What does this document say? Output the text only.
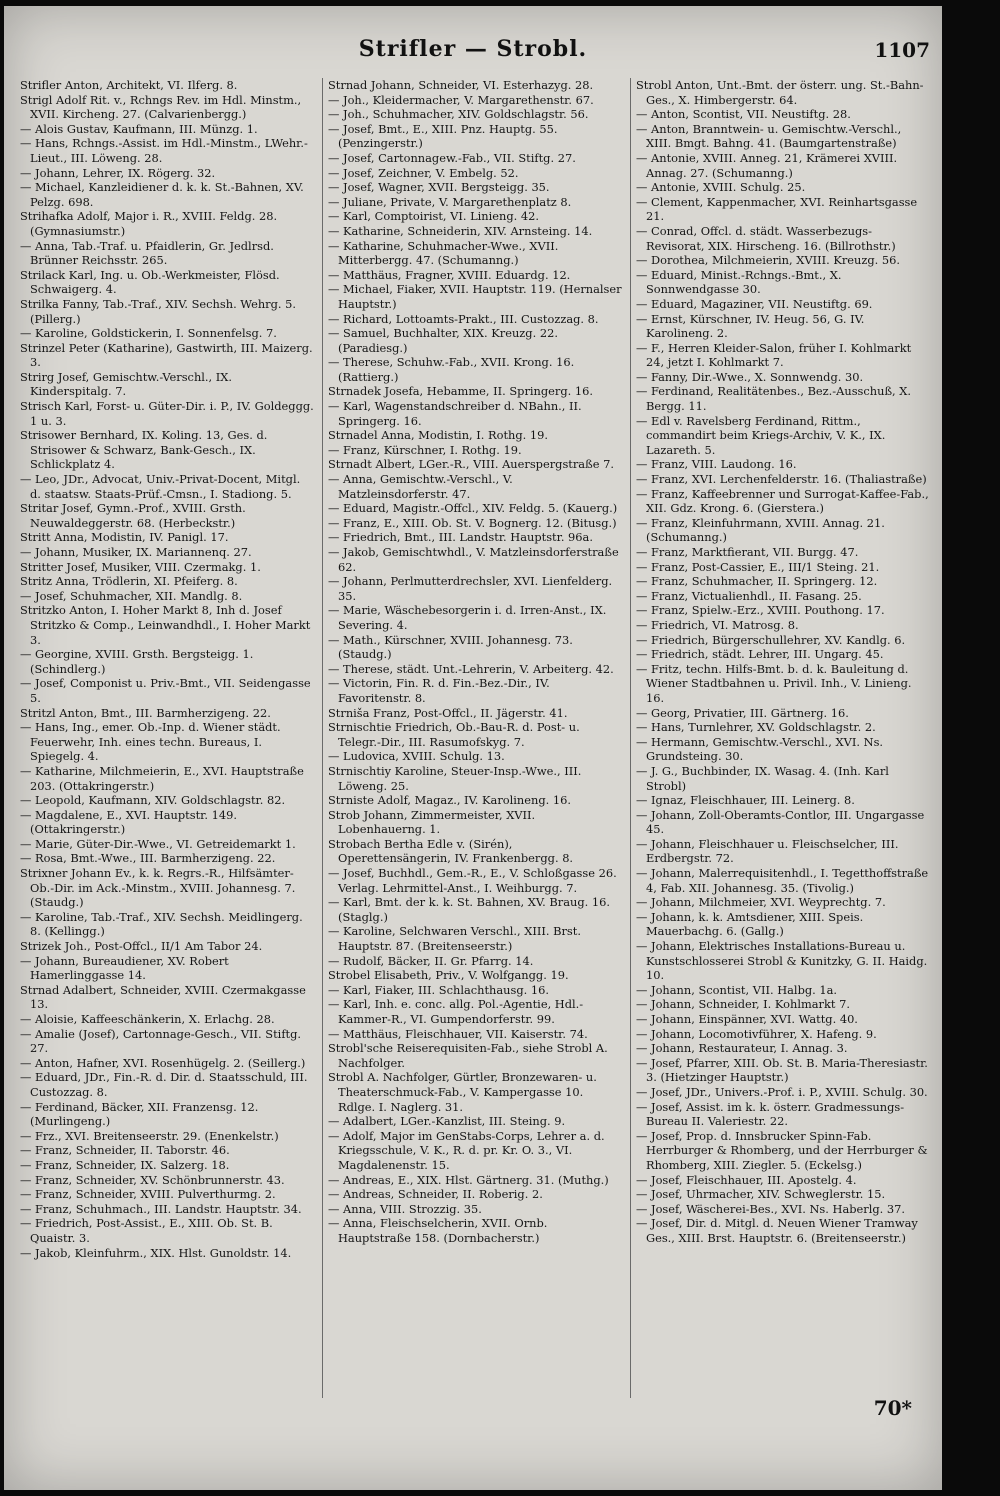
Strifler — Strobl.	1107

Strifler Anton, Architekt, VI. Ilferg. 8.

Strigl Adolf Rit. v., Rchngs Rev. im Hdl. Minstm., XVII. Kircheng. 27. (Calvarienbergg.)

— Alois Gustav, Kaufmann, III. Münzg. 1.

— Hans, Rchngs.-Assist. im Hdl.-Minstm., LWehr.-Lieut., III. Löweng. 28.

— Johann, Lehrer, IX. Rögerg. 32.

— Michael, Kanzleidiener d. k. k. St.-Bahnen, XV. Pelzg. 698.

Strihafka Adolf, Major i. R., XVIII. Feldg. 28. (Gymnasiumstr.)

— Anna, Tab.-Traf. u. Pfaidlerin, Gr. Jedlrsd. Brünner Reichsstr. 265.

Strilack Karl, Ing. u. Ob.-Werkmeister, Flösd. Schwaigerg. 4.

Strilka Fanny, Tab.-Traf., XIV. Sechsh. Wehrg. 5. (Pillerg.)

— Karoline, Goldstickerin, I. Sonnenfelsg. 7.

Strinzel Peter (Katharine), Gastwirth, III. Maizerg. 3.

Strirg Josef, Gemischtw.-Verschl., IX. Kinderspitalg. 7.

Strisch Karl, Forst- u. Güter-Dir. i. P., IV. Goldeggg. 1 u. 3.

Strisower Bernhard, IX. Koling. 13, Ges. d. Strisower & Schwarz, Bank-Gesch., IX. Schlickplatz 4.

— Leo, JDr., Advocat, Univ.-Privat-Docent, Mitgl. d. staatsw. Staats-Prüf.-Cmsn., I. Stadiong. 5.

Stritar Josef, Gymn.-Prof., XVIII. Grsth. Neuwaldeggerstr. 68. (Herbeckstr.)

Stritt Anna, Modistin, IV. Panigl. 17.

— Johann, Musiker, IX. Mariannenq. 27.

Stritter Josef, Musiker, VIII. Czermakg. 1.

Stritz Anna, Trödlerin, XI. Pfeiferg. 8.

— Josef, Schuhmacher, XII. Mandlg. 8.

Stritzko Anton, I. Hoher Markt 8, Inh d. Josef Stritzko & Comp., Leinwandhdl., I. Hoher Markt 3.

— Georgine, XVIII. Grsth. Bergsteigg. 1. (Schindlerg.)

— Josef, Componist u. Priv.-Bmt., VII. Seidengasse 5.

Stritzl Anton, Bmt., III. Barmherzigeng. 22.

— Hans, Ing., emer. Ob.-Inp. d. Wiener städt. Feuerwehr, Inh. eines techn. Bureaus, I. Spiegelg. 4.

— Katharine, Milchmeierin, E., XVI. Hauptstraße 203. (Ottakringerstr.)

— Leopold, Kaufmann, XIV. Goldschlagstr. 82.

— Magdalene, E., XVI. Hauptstr. 149. (Ottakringerstr.)

— Marie, Güter-Dir.-Wwe., VI. Getreidemarkt 1.

— Rosa, Bmt.-Wwe., III. Barmherzigeng. 22.

Strixner Johann Ev., k. k. Regrs.-R., Hilfsämter-Ob.-Dir. im Ack.-Minstm., XVIII. Johannesg. 7. (Staudg.)

— Karoline, Tab.-Traf., XIV. Sechsh. Meidlingerg. 8. (Kellingg.)

Strizek Joh., Post-Offcl., II/1 Am Tabor 24.

— Johann, Bureaudiener, XV. Robert Hamerlinggasse 14.

Strnad Adalbert, Schneider, XVIII. Czermakgasse 13.

— Aloisie, Kaffeeschänkerin, X. Erlachg. 28.

— Amalie (Josef), Cartonnage-Gesch., VII. Stiftg. 27.

— Anton, Hafner, XVI. Rosenhügelg. 2. (Seillerg.)

— Eduard, JDr., Fin.-R. d. Dir. d. Staatsschuld, III. Custozzag. 8.

— Ferdinand, Bäcker, XII. Franzensg. 12. (Murlingeng.)

— Frz., XVI. Breitenseerstr. 29. (Enenkelstr.)

— Franz, Schneider, II. Taborstr. 46.

— Franz, Schneider, IX. Salzerg. 18.

— Franz, Schneider, XV. Schönbrunnerstr. 43.

— Franz, Schneider, XVIII. Pulverthurmg. 2.

— Franz, Schuhmach., III. Landstr. Hauptstr. 34.

— Friedrich, Post-Assist., E., XIII. Ob. St. B. Quaistr. 3.

— Jakob, Kleinfuhrm., XIX. Hlst. Gunoldstr. 14.

Strnad Johann, Schneider, VI. Esterhazyg. 28.

— Joh., Kleidermacher, V. Margarethenstr. 67.

— Joh., Schuhmacher, XIV. Goldschlagstr. 56.

— Josef, Bmt., E., XIII. Pnz. Hauptg. 55. (Penzingerstr.)

— Josef, Cartonnagew.-Fab., VII. Stiftg. 27.

— Josef, Zeichner, V. Embelg. 52.

— Josef, Wagner, XVII. Bergsteigg. 35.

— Juliane, Private, V. Margarethenplatz 8.

— Karl, Comptoirist, VI. Linieng. 42.

— Katharine, Schneiderin, XIV. Arnsteing. 14.

— Katharine, Schuhmacher-Wwe., XVII. Mitterbergg. 47. (Schumanng.)

— Matthäus, Fragner, XVIII. Eduardg. 12.

— Michael, Fiaker, XVII. Hauptstr. 119. (Hernalser Hauptstr.)

— Richard, Lottoamts-Prakt., III. Custozzag. 8.

— Samuel, Buchhalter, XIX. Kreuzg. 22. (Paradiesg.)

— Therese, Schuhw.-Fab., XVII. Krong. 16. (Rattierg.)

Strnadek Josefa, Hebamme, II. Springerg. 16.

— Karl, Wagenstandschreiber d. NBahn., II. Springerg. 16.

Strnadel Anna, Modistin, I. Rothg. 19.

— Franz, Kürschner, I. Rothg. 19.

Strnadt Albert, LGer.-R., VIII. Auerspergstraße 7.

— Anna, Gemischtw.-Verschl., V. Matzleinsdorferstr. 47.

— Eduard, Magistr.-Offcl., XIV. Feldg. 5. (Kauerg.)

— Franz, E., XIII. Ob. St. V. Bognerg. 12. (Bitusg.)

— Friedrich, Bmt., III. Landstr. Hauptstr. 96a.

— Jakob, Gemischtwhdl., V. Matzleinsdorferstraße 62.

— Johann, Perlmutterdrechsler, XVI. Lienfelderg. 35.

— Marie, Wäschebesorgerin i. d. Irren-Anst., IX. Severing. 4.

— Math., Kürschner, XVIII. Johannesg. 73. (Staudg.)

— Therese, städt. Unt.-Lehrerin, V. Arbeiterg. 42.

— Victorin, Fin. R. d. Fin.-Bez.-Dir., IV. Favoritenstr. 8.

Strniša Franz, Post-Offcl., II. Jägerstr. 41.

Strnischtie Friedrich, Ob.-Bau-R. d. Post- u. Telegr.-Dir., III. Rasumofskyg. 7.

— Ludovica, XVIII. Schulg. 13.

Strnischtiy Karoline, Steuer-Insp.-Wwe., III. Löweng. 25.

Strniste Adolf, Magaz., IV. Karolineng. 16.

Strob Johann, Zimmermeister, XVII. Lobenhauerng. 1.

Strobach Bertha Edle v. (Sirén), Operettensängerin, IV. Frankenbergg. 8.

— Josef, Buchhdl., Gem.-R., E., V. Schloßgasse 26. Verlag. Lehrmittel-Anst., I. Weihburgg. 7.

— Karl, Bmt. der k. k. St. Bahnen, XV. Braug. 16. (Staglg.)

— Karoline, Selchwaren Verschl., XIII. Brst. Hauptstr. 87. (Breitenseerstr.)

— Rudolf, Bäcker, II. Gr. Pfarrg. 14.

Strobel Elisabeth, Priv., V. Wolfgangg. 19.

— Karl, Fiaker, III. Schlachthausg. 16.

— Karl, Inh. e. conc. allg. Pol.-Agentie, Hdl.-Kammer-R., VI. Gumpendorferstr. 99.

— Matthäus, Fleischhauer, VII. Kaiserstr. 74.

Strobl'sche Reiserequisiten-Fab., siehe Strobl A. Nachfolger.

Strobl A. Nachfolger, Gürtler, Bronzewaren- u. Theaterschmuck-Fab., V. Kampergasse 10. Rdlge. I. Naglerg. 31.

— Adalbert, LGer.-Kanzlist, III. Steing. 9.

— Adolf, Major im GenStabs-Corps, Lehrer a. d. Kriegsschule, V. K., R. d. pr. Kr. O. 3., VI. Magdalenenstr. 15.

— Andreas, E., XIX. Hlst. Gärtnerg. 31. (Muthg.)

— Andreas, Schneider, II. Roberig. 2.

— Anna, VIII. Strozzig. 35.

— Anna, Fleischselcherin, XVII. Ornb. Hauptstraße 158. (Dornbacherstr.)

Strobl Anton, Unt.-Bmt. der österr. ung. St.-Bahn-Ges., X. Himbergerstr. 64.

— Anton, Scontist, VII. Neustiftg. 28.

— Anton, Branntwein- u. Gemischtw.-Verschl., XIII. Bmgt. Bahng. 41. (Baumgartenstraße)

— Antonie, XVIII. Anneg. 21, Krämerei XVIII. Annag. 27. (Schumanng.)

— Antonie, XVIII. Schulg. 25.

— Clement, Kappenmacher, XVI. Reinhartsgasse 21.

— Conrad, Offcl. d. städt. Wasserbezugs-Revisorat, XIX. Hirscheng. 16. (Billrothstr.)

— Dorothea, Milchmeierin, XVIII. Kreuzg. 56.

— Eduard, Minist.-Rchngs.-Bmt., X. Sonnwendgasse 30.

— Eduard, Magaziner, VII. Neustiftg. 69.

— Ernst, Kürschner, IV. Heug. 56, G. IV. Karolineng. 2.

— F., Herren Kleider-Salon, früher I. Kohlmarkt 24, jetzt I. Kohlmarkt 7.

— Fanny, Dir.-Wwe., X. Sonnwendg. 30.

— Ferdinand, Realitätenbes., Bez.-Ausschuß, X. Bergg. 11.

— Edl v. Ravelsberg Ferdinand, Rittm., commandirt beim Kriegs-Archiv, V. K., IX. Lazareth. 5.

— Franz, VIII. Laudong. 16.

— Franz, XVI. Lerchenfelderstr. 16. (Thaliastraße)

— Franz, Kaffeebrenner und Surrogat-Kaffee-Fab., XII. Gdz. Krong. 6. (Gierstera.)

— Franz, Kleinfuhrmann, XVIII. Annag. 21. (Schumanng.)

— Franz, Marktfierant, VII. Burgg. 47.

— Franz, Post-Cassier, E., III/1 Steing. 21.

— Franz, Schuhmacher, II. Springerg. 12.

— Franz, Victualienhdl., II. Fasang. 25.

— Franz, Spielw.-Erz., XVIII. Pouthong. 17.

— Friedrich, VI. Matrosg. 8.

— Friedrich, Bürgerschullehrer, XV. Kandlg. 6.

— Friedrich, städt. Lehrer, III. Ungarg. 45.

— Fritz, techn. Hilfs-Bmt. b. d. k. Bauleitung d. Wiener Stadtbahnen u. Privil. Inh., V. Linieng. 16.

— Georg, Privatier, III. Gärtnerg. 16.

— Hans, Turnlehrer, XV. Goldschlagstr. 2.

— Hermann, Gemischtw.-Verschl., XVI. Ns. Grundsteing. 30.

— J. G., Buchbinder, IX. Wasag. 4. (Inh. Karl Strobl)

— Ignaz, Fleischhauer, III. Leinerg. 8.

— Johann, Zoll-Oberamts-Contlor, III. Ungargasse 45.

— Johann, Fleischhauer u. Fleischselcher, III. Erdbergstr. 72.

— Johann, Malerrequisitenhdl., I. Tegetthoffstraße 4, Fab. XII. Johannesg. 35. (Tivolig.)

— Johann, Milchmeier, XVI. Weyprechtg. 7.

— Johann, k. k. Amtsdiener, XIII. Speis. Mauerbachg. 6. (Gallg.)

— Johann, Elektrisches Installations-Bureau u. Kunstschlosserei Strobl & Kunitzky, G. II. Haidg. 10.

— Johann, Scontist, VII. Halbg. 1a.

— Johann, Schneider, I. Kohlmarkt 7.

— Johann, Einspänner, XVI. Wattg. 40.

— Johann, Locomotivführer, X. Hafeng. 9.

— Johann, Restaurateur, I. Annag. 3.

— Josef, Pfarrer, XIII. Ob. St. B. Maria-Theresiastr. 3. (Hietzinger Hauptstr.)

— Josef, JDr., Univers.-Prof. i. P., XVIII. Schulg. 30.

— Josef, Assist. im k. k. österr. Gradmessungs-Bureau II. Valeriestr. 22.

— Josef, Prop. d. Innsbrucker Spinn-Fab. Herrburger & Rhomberg, und der Herrburger & Rhomberg, XIII. Ziegler. 5. (Eckelsg.)

— Josef, Fleischhauer, III. Apostelg. 4.

— Josef, Uhrmacher, XIV. Schweglerstr. 15.

— Josef, Wäscherei-Bes., XVI. Ns. Haberlg. 37.

— Josef, Dir. d. Mitgl. d. Neuen Wiener Tramway Ges., XIII. Brst. Hauptstr. 6. (Breitenseerstr.)

70*
